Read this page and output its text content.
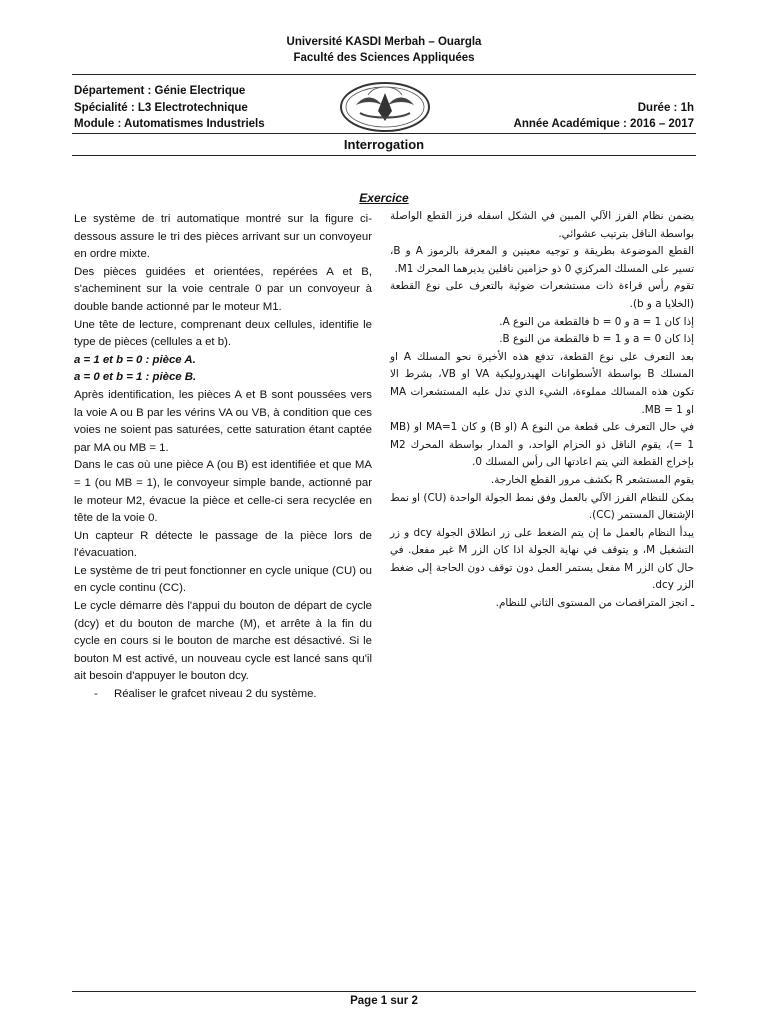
Université KASDI Merbah – Ouargla
Faculté des Sciences Appliquées
Département : Génie Electrique
Spécialité : L3 Electrotechnique
Module : Automatismes Industriels
Durée : 1h
Année Académique : 2016 – 2017
Interrogation
Exercice

Le système de tri automatique montré sur la figure ci-dessous assure le tri des pièces arrivant sur un convoyeur en ordre mixte.

Des pièces guidées et orientées, repérées A et B, s'acheminent sur la voie centrale 0 par un convoyeur à double bande actionné par le moteur M1.

Une tête de lecture, comprenant deux cellules, identifie le type de pièces (cellules a et b).

a = 1 et b = 0 : pièce A.

a = 0 et b = 1 : pièce B.

Après identification, les pièces A et B sont poussées vers la voie A ou B par les vérins VA ou VB, à condition que ces voies ne soient pas saturées, cette saturation étant captée par MA ou MB = 1.

Dans le cas où une pièce A (ou B) est identifiée et que MA = 1 (ou MB = 1), le convoyeur simple bande, actionné par le moteur M2, évacue la pièce et celle-ci sera recyclée en tête de la voie 0.

Un capteur R détecte le passage de la pièce lors de l'évacuation.

Le système de tri peut fonctionner en cycle unique (CU) ou en cycle continu (CC).

Le cycle démarre dès l'appui du bouton de départ de cycle (dcy) et du bouton de marche (M), et arrête à la fin du cycle en cours si le bouton de marche est désactivé. Si le bouton M est activé, un nouveau cycle est lancé sans qu'il ait besoin d'appuyer le bouton dcy.

- Réaliser le grafcet niveau 2 du système.

يضمن نظام الفرز الآلي المبين في الشكل اسفله فرز القطع الواصلة بواسطة الناقل بترتيب عشوائي.

القطع الموضوعة بطريقة و توجيه معينين و المعرفة بالرموز A و B، تسير على المسلك المركزي 0 ذو حزامين ناقلين يديرهما المحرك M1.

تقوم رأس قراءة ذات مستشعرات ضوئية بالتعرف على نوع القطعة (الخلايا a و b).

إذا كان a = 1 و b = 0 فالقطعة من النوع A.

إذا كان a = 0 و b = 1 فالقطعة من النوع B.

بعد التعرف على نوع القطعة، تدفع هذه الأخيرة نحو المسلك A او المسلك B بواسطة الأسطوانات الهيدروليكية VA او VB، بشرط الا تكون هذه المسالك مملوءة، الشيء الذي تدل عليه المستشعرات MA او MB = 1.

في حال التعرف على قطعة من النوع A (او B) و كان MA=1 او (MB = 1)، يقوم الناقل ذو الحزام الواحد، و المدار بواسطة المحرك M2 بإخراج القطعة التي يتم اعادتها الى رأس المسلك 0.

يقوم المستشعر R بكشف مرور القطع الخارجة.

يمكن للنظام الفرز الآلي بالعمل وفق نمط الجولة الواحدة (CU) او نمط الإشتغال المستمر (CC).

يبدأ النظام بالعمل ما إن يتم الضغط على زر انطلاق الجولة dcy و زر التشغيل M، و يتوقف في نهاية الجولة اذا كان الزر M غير مفعل. في حال كان الزر M مفعل يستمر العمل دون توقف دون الحاجة إلى ضغط الزر dcy.

ـ انجز المتراقصات من المستوى الثاني للنظام.

Page 1 sur 2
